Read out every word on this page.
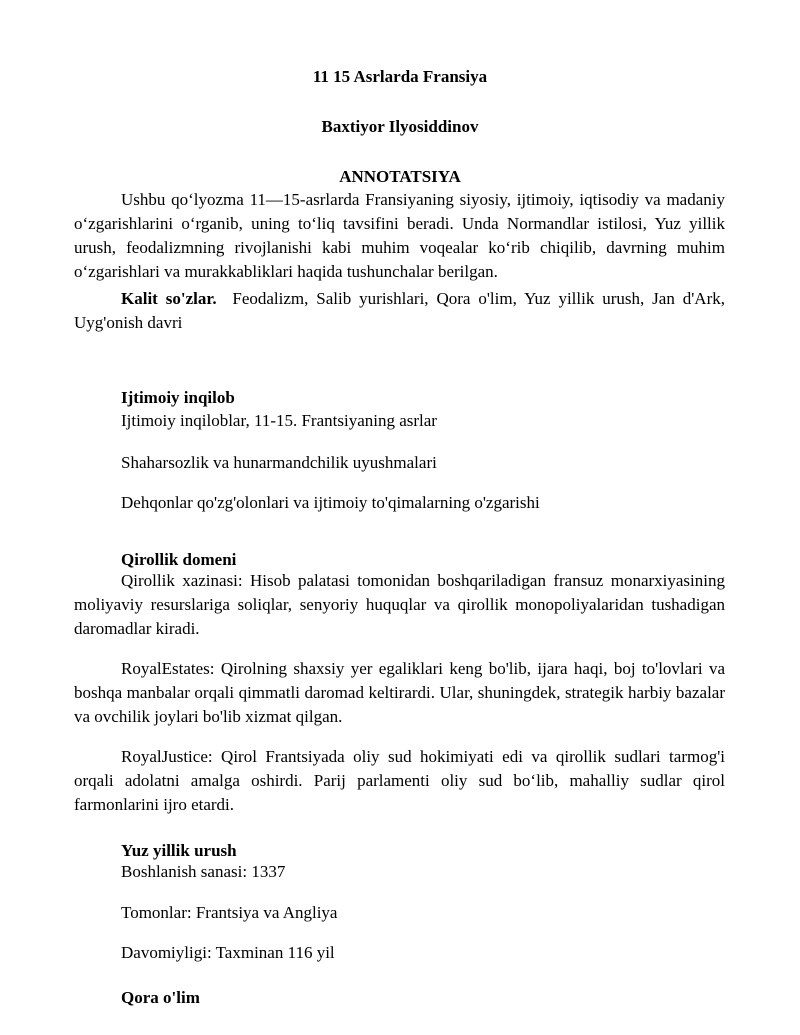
11 15 Asrlarda Fransiya
Baxtiyor Ilyosiddinov
ANNOTATSIYA
Ushbu qo‘lyozma 11—15-asrlarda Fransiyaning siyosiy, ijtimoiy, iqtisodiy va madaniy o‘zgarishlarini o‘rganib, uning to‘liq tavsifini beradi. Unda Normandlar istilosi, Yuz yillik urush, feodalizmning rivojlanishi kabi muhim voqealar ko‘rib chiqilib, davrning muhim o‘zgarishlari va murakkabliklari haqida tushunchalar berilgan.
Kalit so'zlar. Feodalizm, Salib yurishlari, Qora o'lim, Yuz yillik urush, Jan d'Ark, Uyg'onish davri
Ijtimoiy inqilob
Ijtimoiy inqiloblar, 11-15. Frantsiyaning asrlar
Shaharsozlik va hunarmandchilik uyushmalari
Dehqonlar qo'zg'olonlari va ijtimoiy to'qimalarning o'zgarishi
Qirollik domeni
Qirollik xazinasi: Hisob palatasi tomonidan boshqariladigan fransuz monarxiyasining moliyaviy resurslariga soliqlar, senyoriy huquqlar va qirollik monopoliyalaridan tushadigan daromadlar kiradi.
RoyalEstates: Qirolning shaxsiy yer egaliklari keng bo'lib, ijara haqi, boj to'lovlari va boshqa manbalar orqali qimmatli daromad keltirardi. Ular, shuningdek, strategik harbiy bazalar va ovchilik joylari bo'lib xizmat qilgan.
RoyalJustice: Qirol Frantsiyada oliy sud hokimiyati edi va qirollik sudlari tarmog'i orqali adolatni amalga oshirdi. Parij parlamenti oliy sud bo‘lib, mahalliy sudlar qirol farmonlarini ijro etardi.
Yuz yillik urush
Boshlanish sanasi: 1337
Tomonlar: Frantsiya va Angliya
Davomiyligi: Taxminan 116 yil
Qora o'lim
